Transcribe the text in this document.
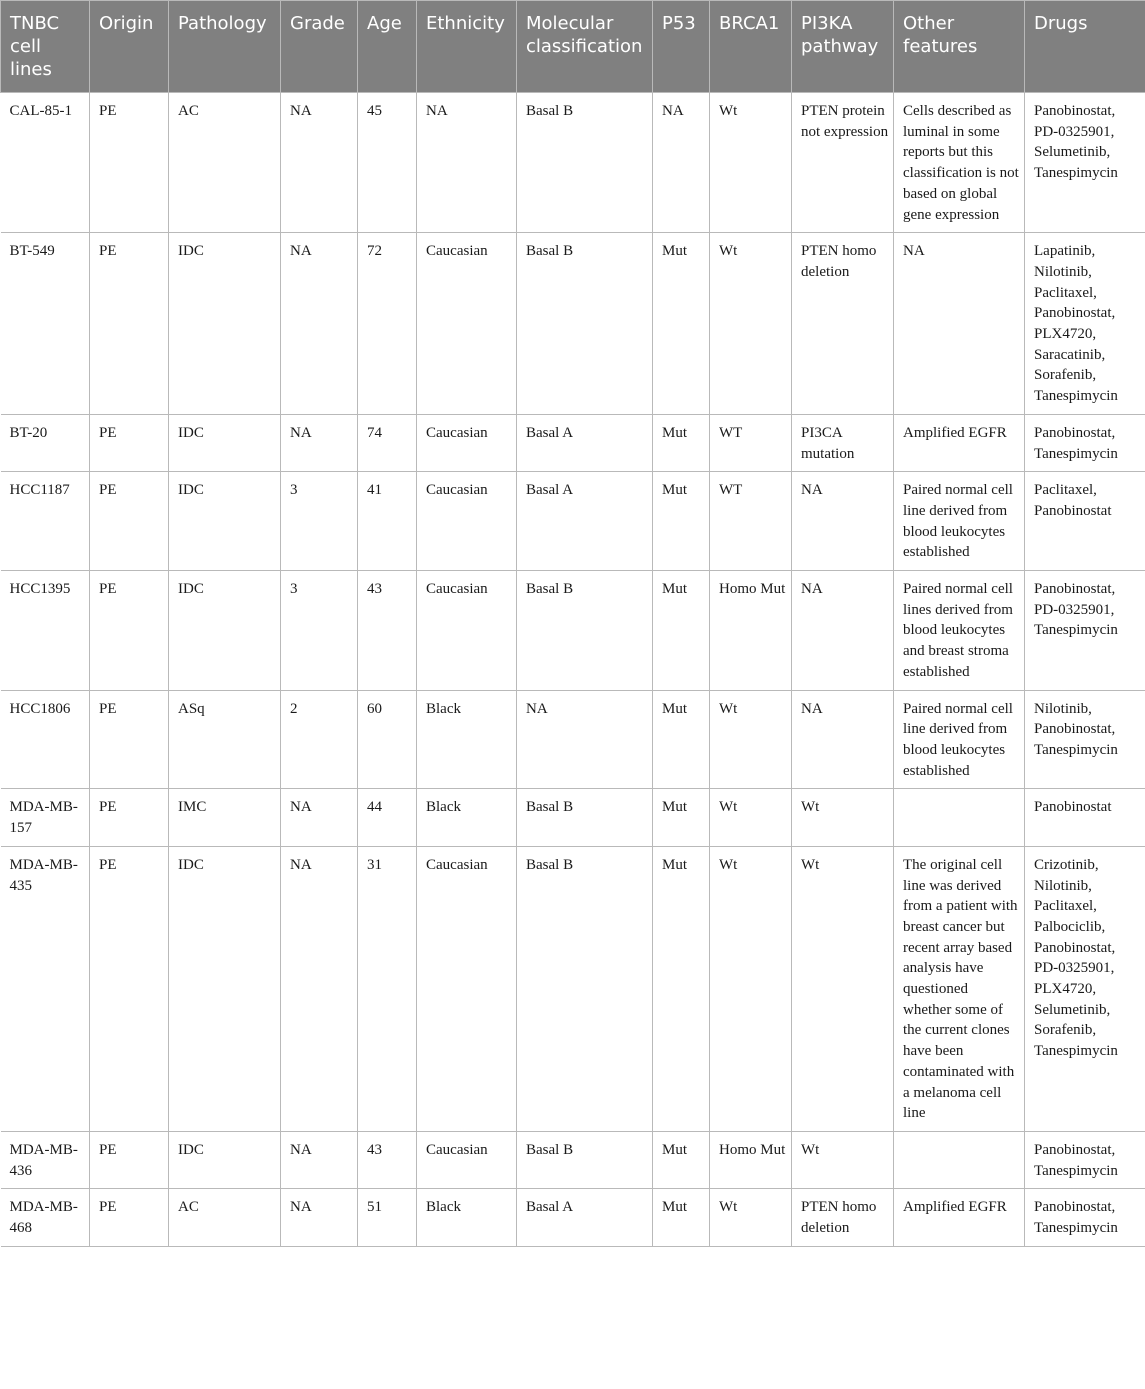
TNBC cell lines	Origin	Pathology	Grade	Age	Ethnicity	Molecular classification	P53	BRCA1	PI3KA pathway	Other features	Drugs
CAL-85-1	PE	AC	NA	45	NA	Basal B	NA	Wt	PTEN protein not expression	Cells described as luminal in some reports but this classification is not based on global gene expression	Panobinostat, PD-0325901, Selumetinib, Tanespimycin
BT-549	PE	IDC	NA	72	Caucasian	Basal B	Mut	Wt	PTEN homo deletion	NA	Lapatinib, Nilotinib, Paclitaxel, Panobinostat, PLX4720, Saracatinib, Sorafenib, Tanespimycin
BT-20	PE	IDC	NA	74	Caucasian	Basal A	Mut	WT	PI3CA mutation	Amplified EGFR	Panobinostat, Tanespimycin
HCC1187	PE	IDC	3	41	Caucasian	Basal A	Mut	WT	NA	Paired normal cell line derived from blood leukocytes established	Paclitaxel, Panobinostat
HCC1395	PE	IDC	3	43	Caucasian	Basal B	Mut	Homo Mut	NA	Paired normal cell lines derived from blood leukocytes and breast stroma established	Panobinostat, PD-0325901, Tanespimycin
HCC1806	PE	ASq	2	60	Black	NA	Mut	Wt	NA	Paired normal cell line derived from blood leukocytes established	Nilotinib, Panobinostat, Tanespimycin
MDA-MB-157	PE	IMC	NA	44	Black	Basal B	Mut	Wt	Wt		Panobinostat
MDA-MB-435	PE	IDC	NA	31	Caucasian	Basal B	Mut	Wt	Wt	The original cell line was derived from a patient with breast cancer but recent array based analysis have questioned whether some of the current clones have been contaminated with a melanoma cell line	Crizotinib, Nilotinib, Paclitaxel, Palbociclib, Panobinostat, PD-0325901, PLX4720, Selumetinib, Sorafenib, Tanespimycin
MDA-MB-436	PE	IDC	NA	43	Caucasian	Basal B	Mut	Homo Mut	Wt		Panobinostat, Tanespimycin
MDA-MB-468	PE	AC	NA	51	Black	Basal A	Mut	Wt	PTEN homo deletion	Amplified EGFR	Panobinostat, Tanespimycin
